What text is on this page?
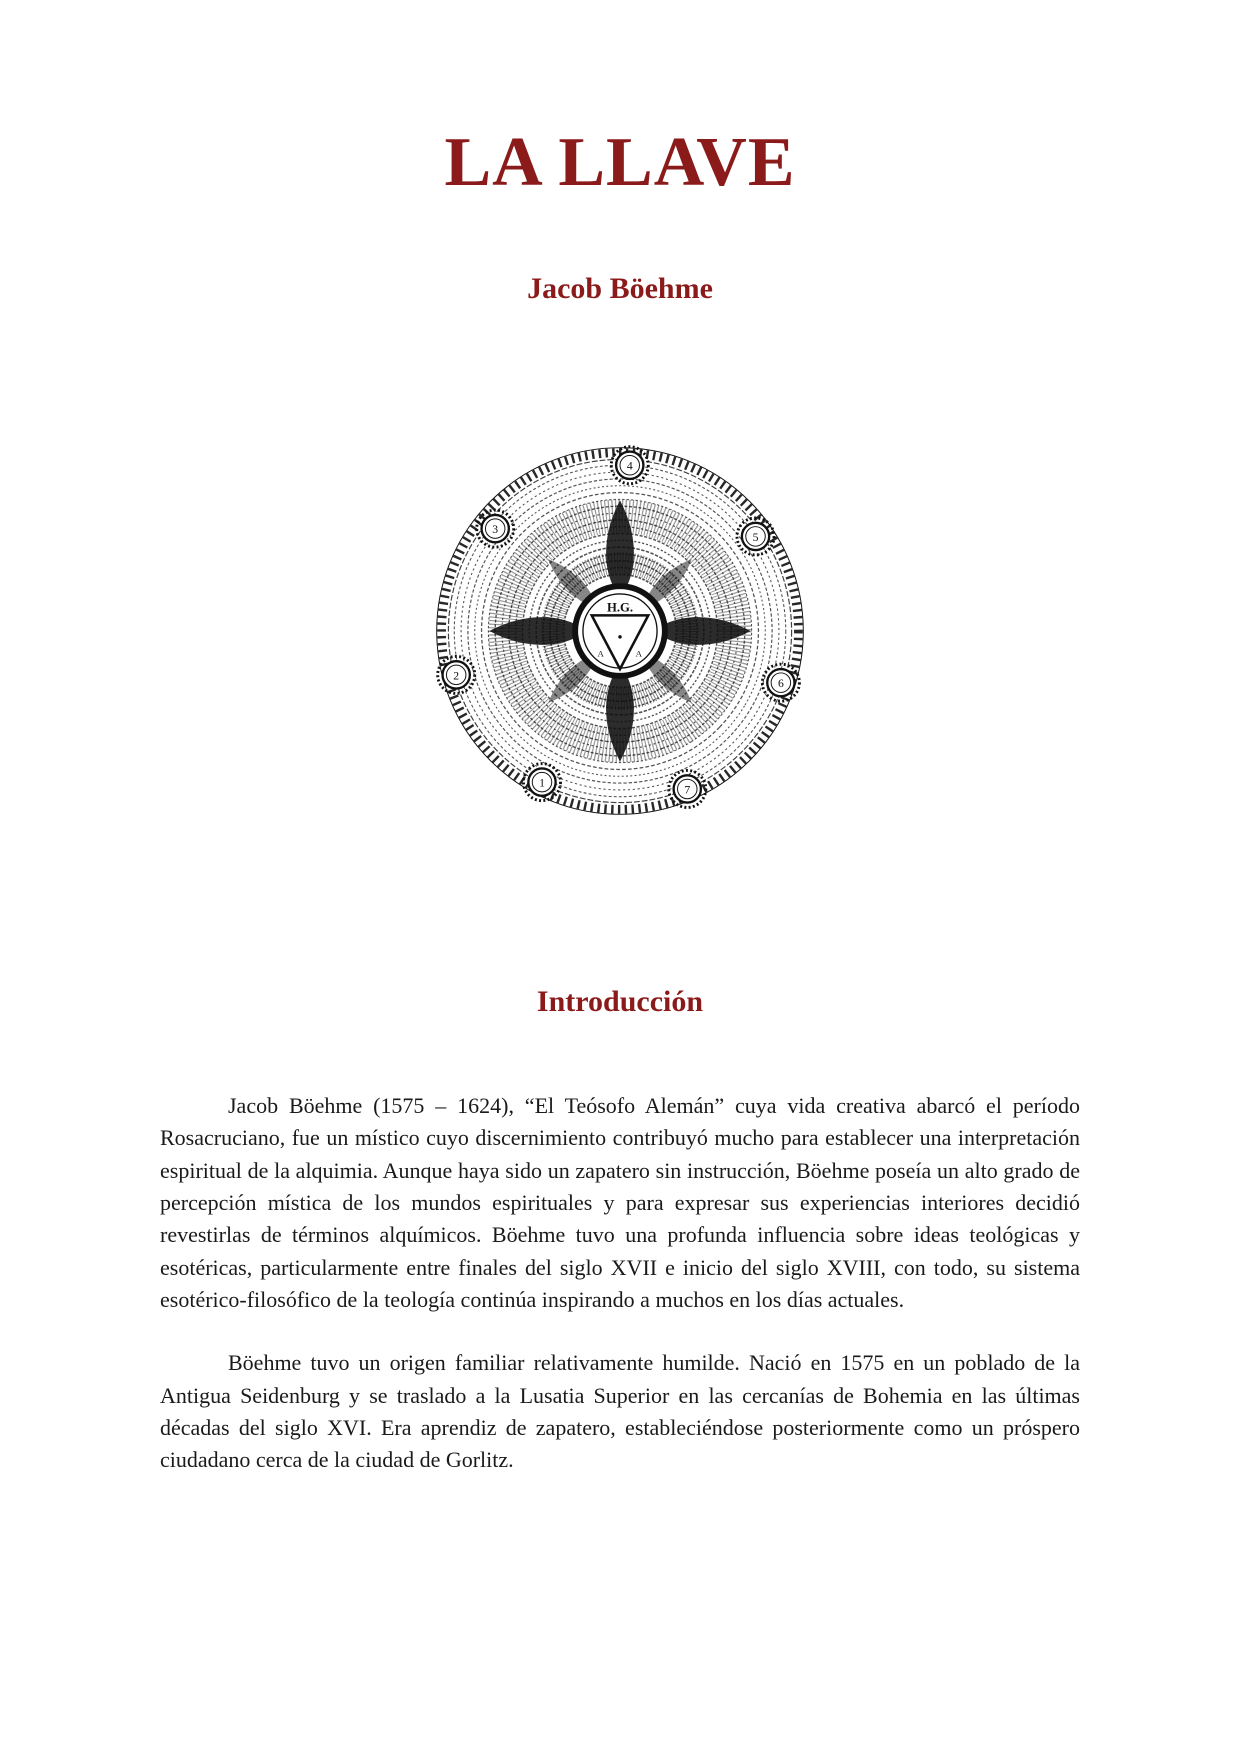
LA LLAVE
Jacob Böehme
4
3
5
2
6
1
7
H.G.
A	A
Introducción

Jacob Böehme (1575 – 1624), “El Teósofo Alemán” cuya vida creativa abarcó el período Rosacruciano, fue un místico cuyo discernimiento contribuyó mucho para establecer una interpretación espiritual de la alquimia. Aunque haya sido un zapatero sin instrucción, Böehme poseía un alto grado de percepción mística de los mundos espirituales y para expresar sus experiencias interiores decidió revestirlas de términos alquímicos. Böehme tuvo una profunda influencia sobre ideas teológicas y esotéricas, particularmente entre finales del siglo XVII e inicio del siglo XVIII, con todo, su sistema esotérico-filosófico de la teología continúa inspirando a muchos en los días actuales.

Böehme tuvo un origen familiar relativamente humilde. Nació en 1575 en un poblado de la Antigua Seidenburg y se traslado a la Lusatia Superior en las cercanías de Bohemia en las últimas décadas del siglo XVI. Era aprendiz de zapatero, estableciéndose posteriormente como un próspero ciudadano cerca de la ciudad de Gorlitz.
